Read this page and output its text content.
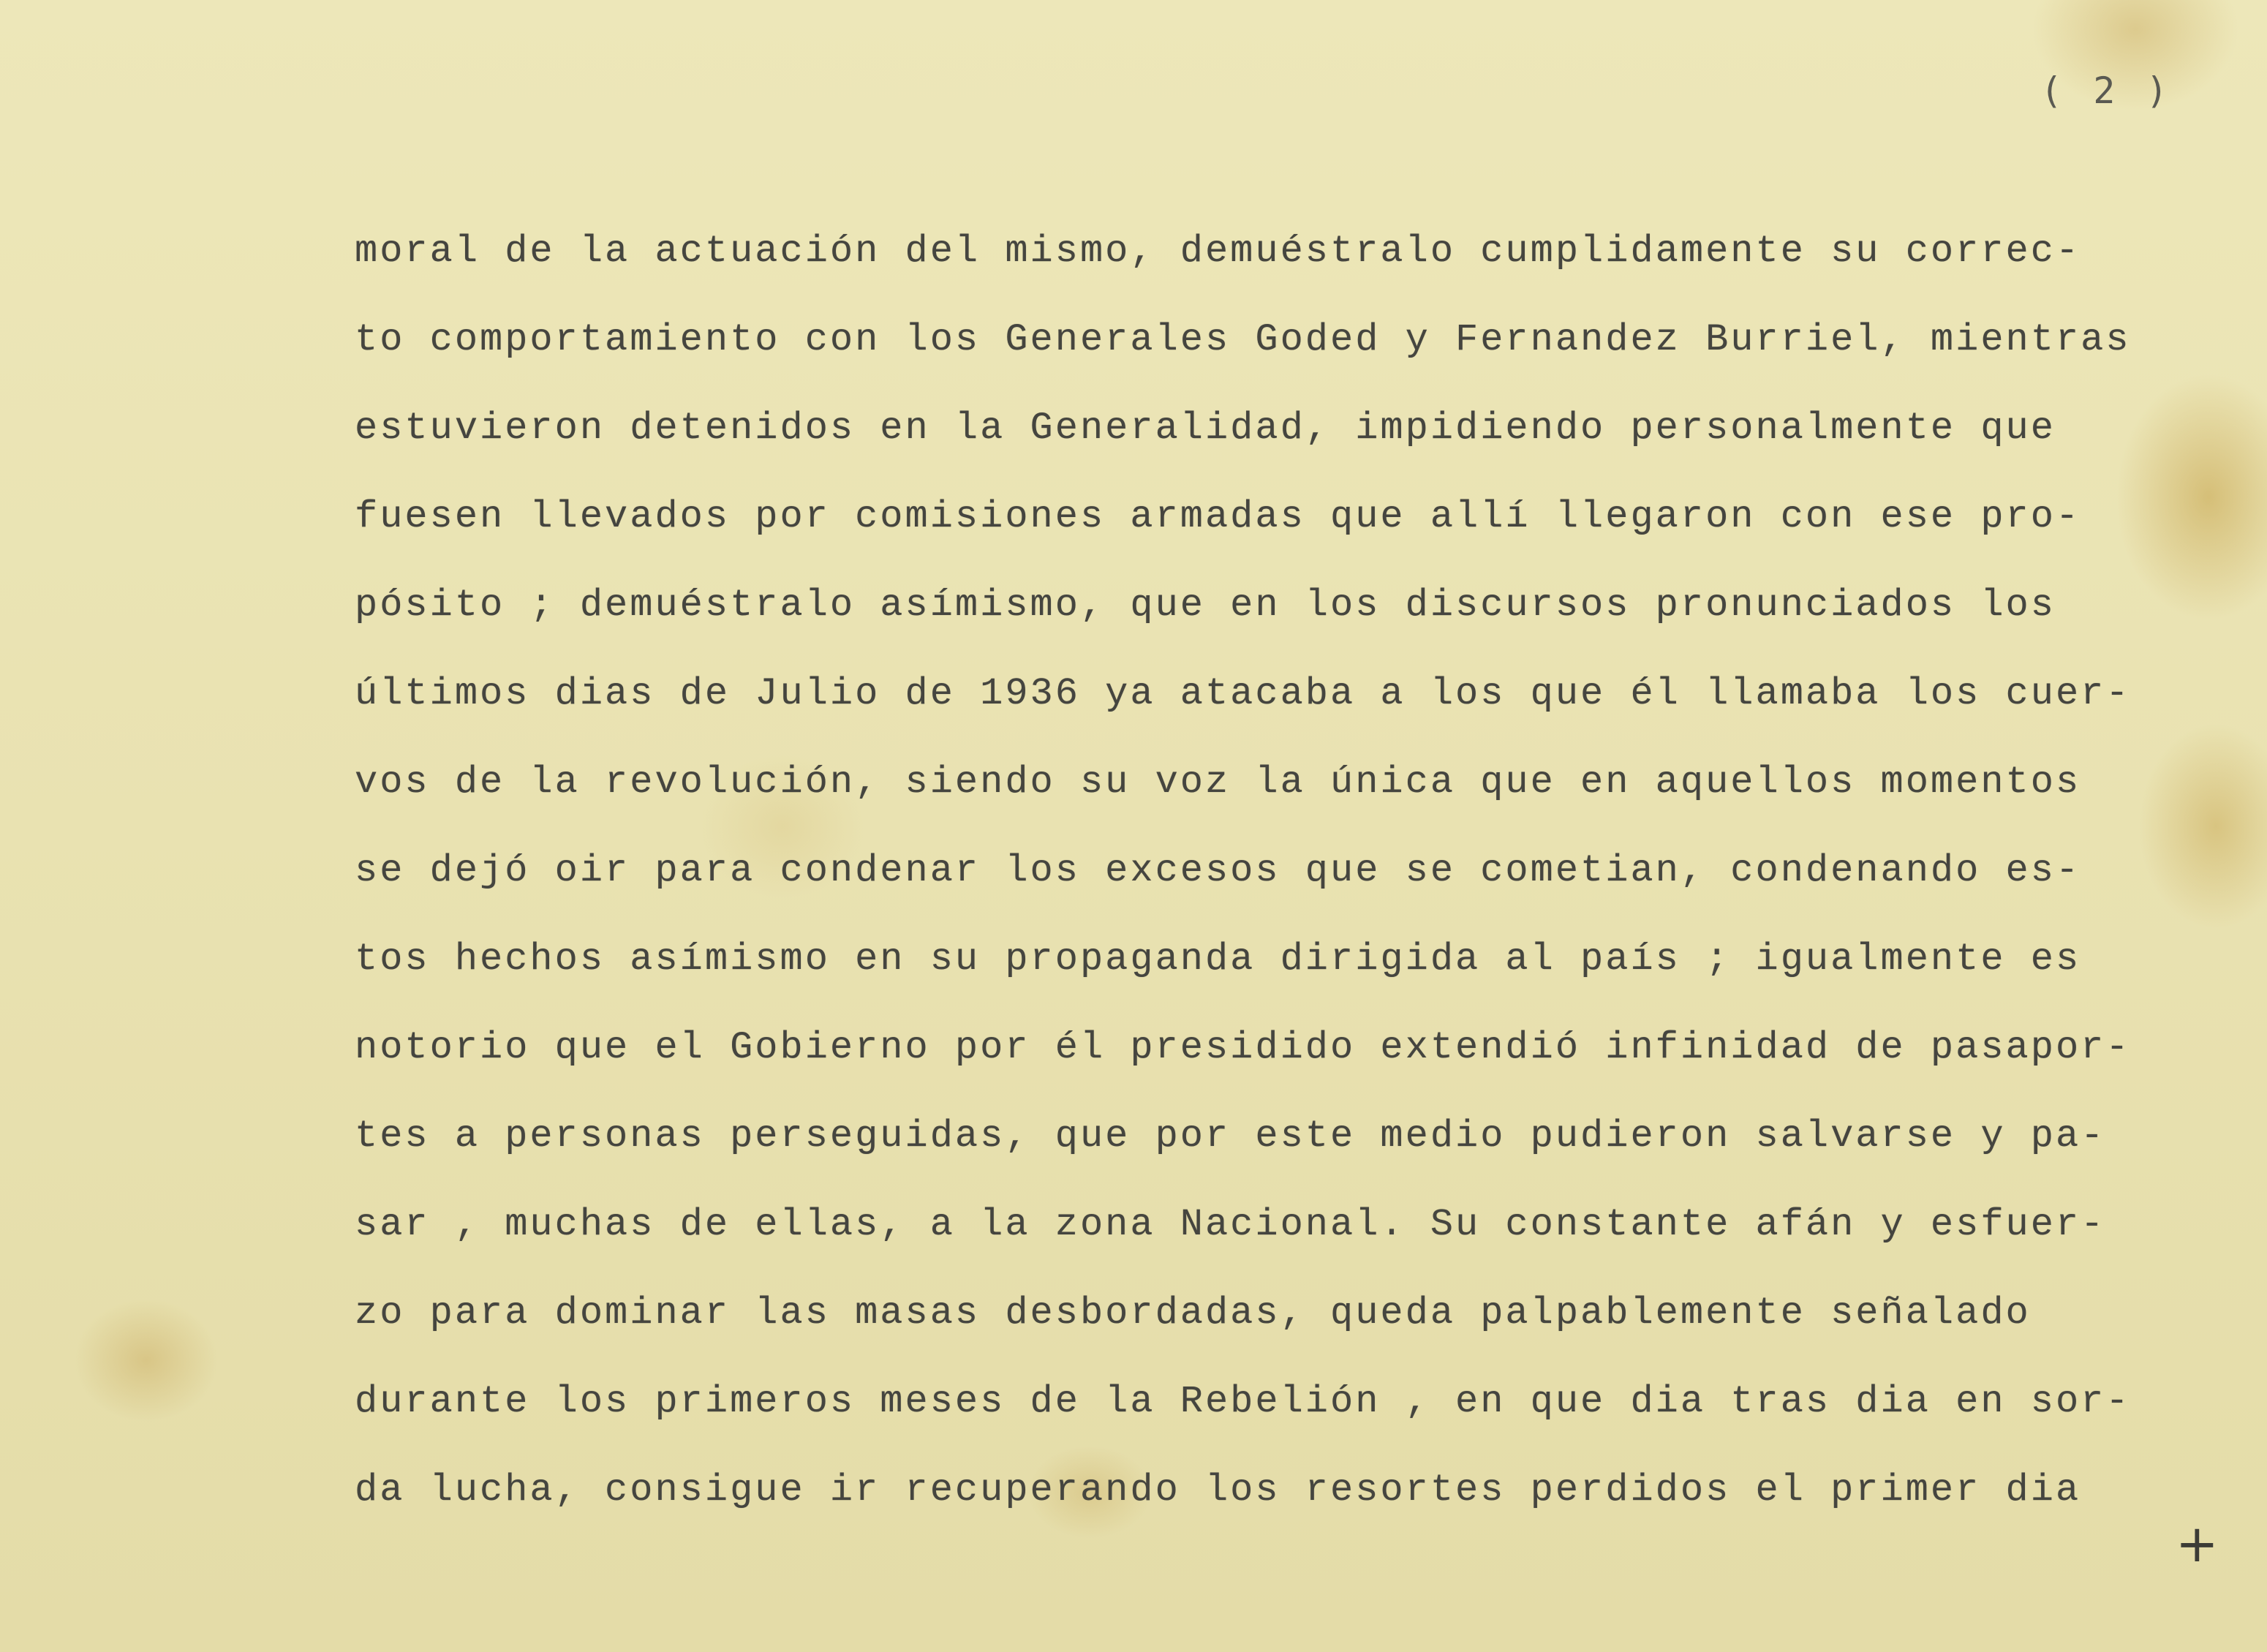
( 2 )
moral de la actuación del mismo, demuéstralo cumplidamente su correc-
to comportamiento con los Generales Goded y Fernandez Burriel, mientras
estuvieron detenidos en la Generalidad, impidiendo personalmente que
fuesen llevados por comisiones armadas que allí llegaron con ese pro-
pósito ; demuéstralo asímismo, que en los discursos pronunciados los
últimos dias de Julio de 1936 ya atacaba a los que él llamaba los cuer-
vos de la revolución, siendo su voz la única que en aquellos momentos
se dejó oir para condenar los excesos que se cometian, condenando es-
tos hechos asímismo en su propaganda dirigida al país ; igualmente es
notorio que el Gobierno por él presidido extendió infinidad de pasapor-
tes a personas perseguidas, que por este medio pudieron salvarse y pa-
sar , muchas de ellas, a la zona Nacional. Su constante afán y esfuer-
zo para dominar las masas desbordadas, queda palpablemente señalado
durante los primeros meses de la Rebelión , en que dia tras dia en sor-
da lucha, consigue ir recuperando los resortes perdidos el primer dia
+
